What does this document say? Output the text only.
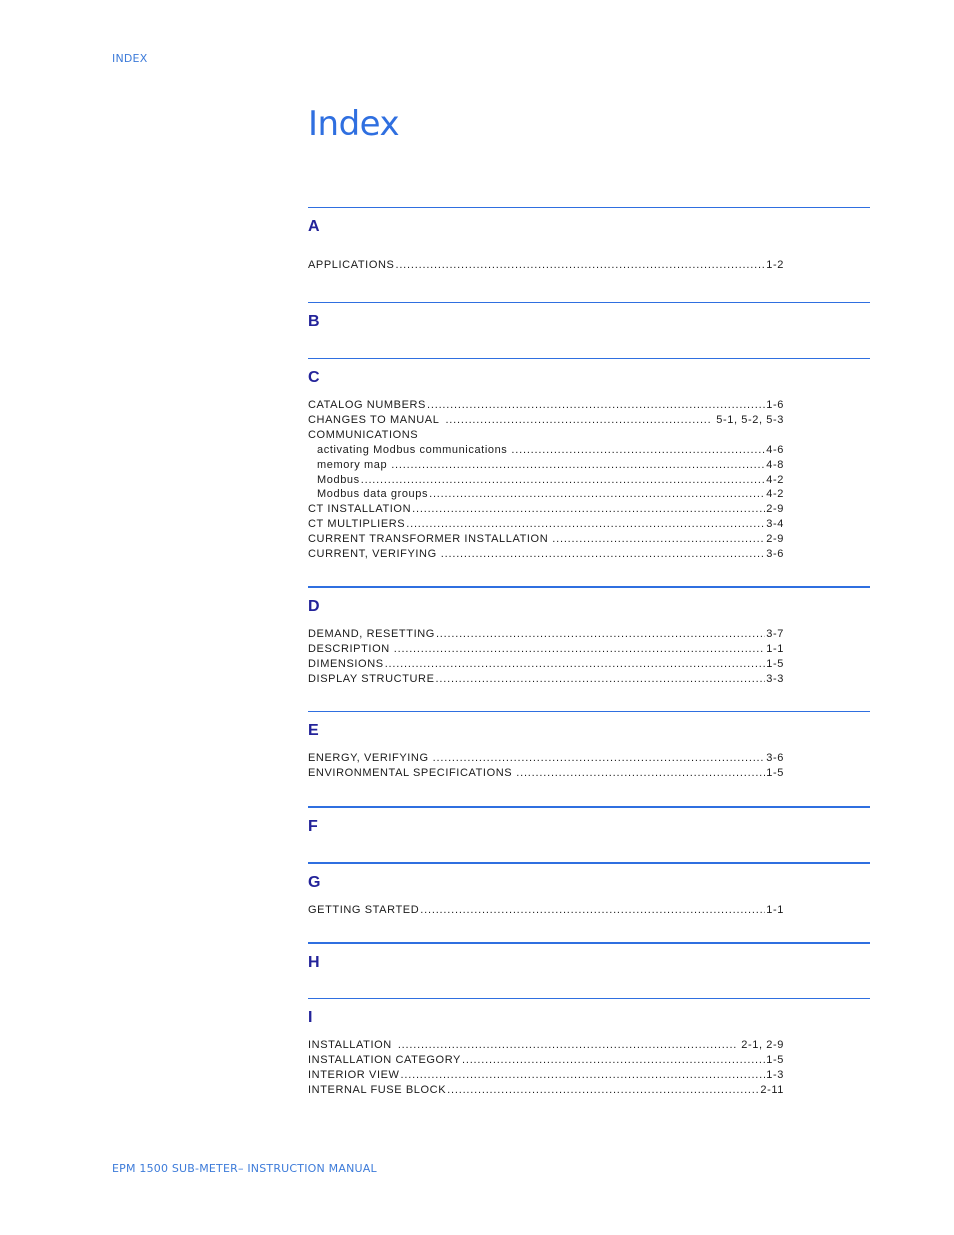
INDEX
Index
A
APPLICATIONS .....	1-2
B
C
CATALOG NUMBERS .....	1-6
CHANGES TO MANUAL .....	5-1, 5-2, 5-3
COMMUNICATIONS
activating Modbus communications .....	4-6
memory map .....	4-8
Modbus .....	4-2
Modbus data groups .....	4-2
CT INSTALLATION .....	2-9
CT MULTIPLIERS .....	3-4
CURRENT TRANSFORMER INSTALLATION .....	2-9
CURRENT, VERIFYING .....	3-6
D
DEMAND, RESETTING .....	3-7
DESCRIPTION .....	1-1
DIMENSIONS .....	1-5
DISPLAY STRUCTURE .....	3-3
E
ENERGY, VERIFYING .....	3-6
ENVIRONMENTAL SPECIFICATIONS .....	1-5
F
G
GETTING STARTED .....	1-1
H
I
INSTALLATION .....	2-1, 2-9
INSTALLATION CATEGORY .....	1-5
INTERIOR VIEW .....	1-3
INTERNAL FUSE BLOCK .....	2-11
EPM 1500 SUB-METER– INSTRUCTION MANUAL
